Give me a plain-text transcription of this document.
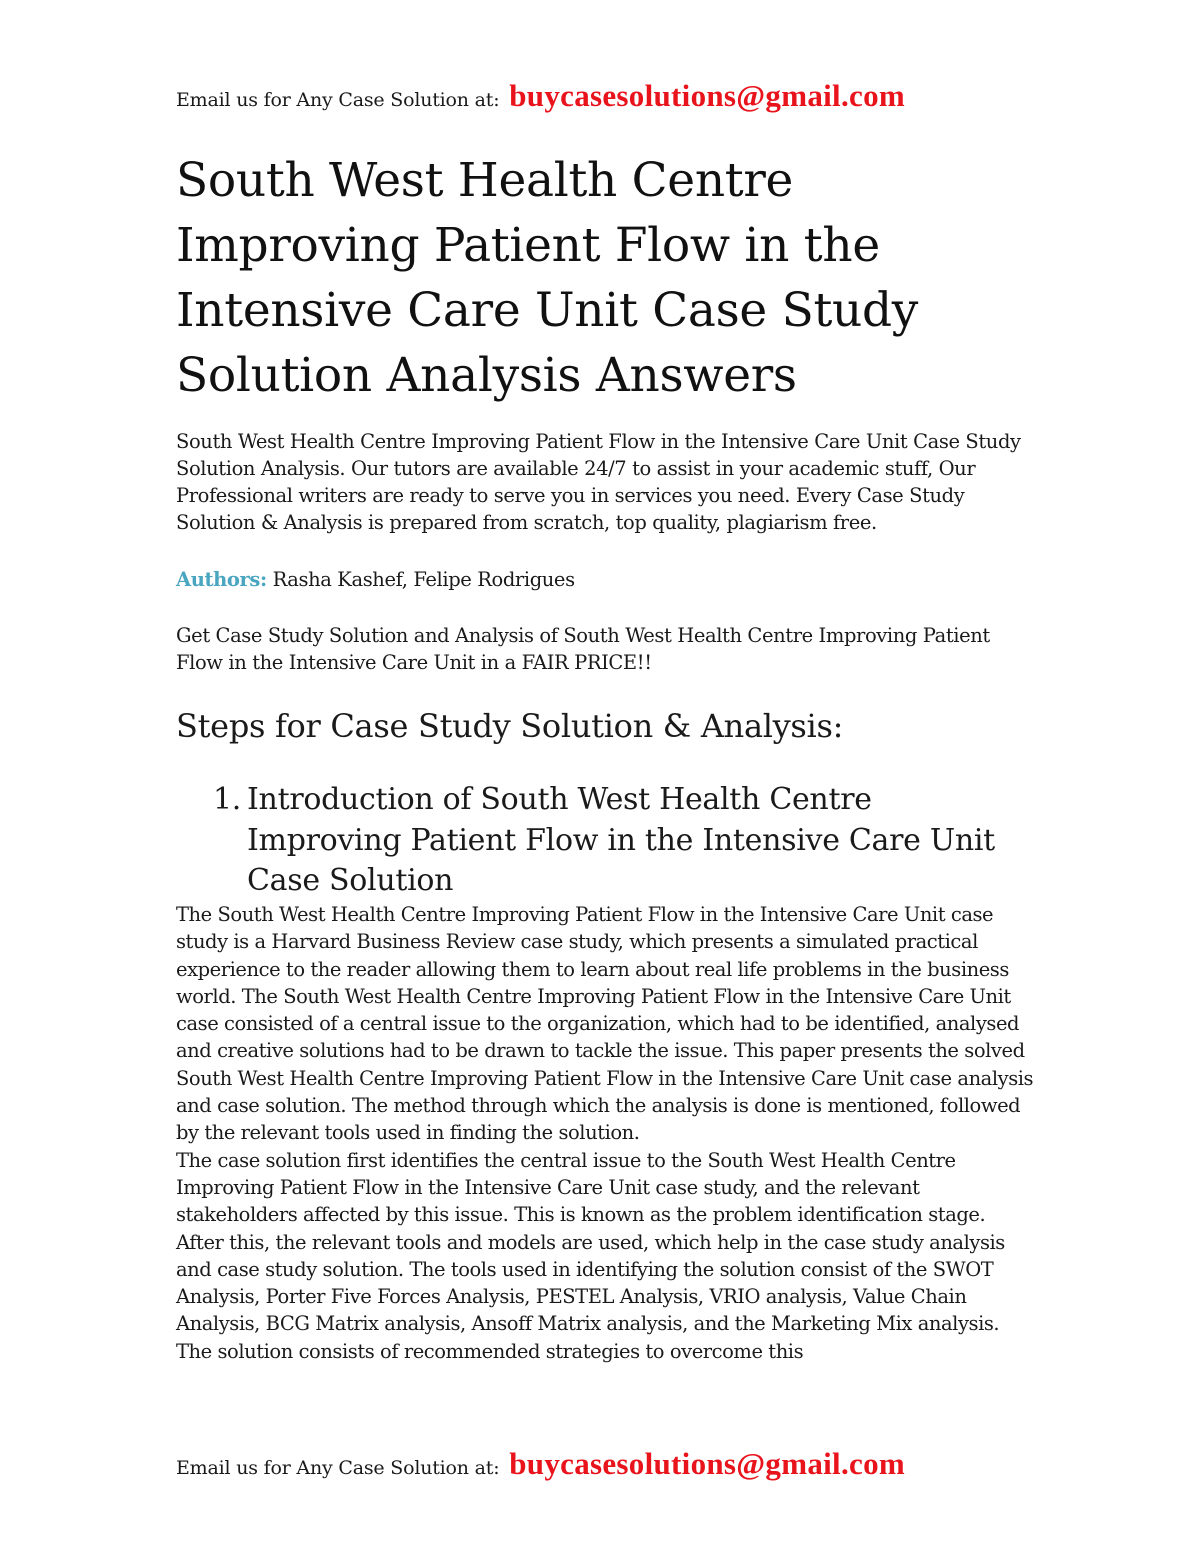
Email us for Any Case Solution at: buycasesolutions@gmail.com
South West Health Centre Improving Patient Flow in the Intensive Care Unit Case Study Solution Analysis Answers

South West Health Centre Improving Patient Flow in the Intensive Care Unit Case Study Solution Analysis. Our tutors are available 24/7 to assist in your academic stuff, Our Professional writers are ready to serve you in services you need. Every Case Study Solution & Analysis is prepared from scratch, top quality, plagiarism free.

Authors: Rasha Kashef, Felipe Rodrigues

Get Case Study Solution and Analysis of South West Health Centre Improving Patient Flow in the Intensive Care Unit in a FAIR PRICE!!

Steps for Case Study Solution & Analysis:
1. Introduction of South West Health Centre Improving Patient Flow in the Intensive Care Unit Case Solution

The South West Health Centre Improving Patient Flow in the Intensive Care Unit case study is a Harvard Business Review case study, which presents a simulated practical experience to the reader allowing them to learn about real life problems in the business world. The South West Health Centre Improving Patient Flow in the Intensive Care Unit case consisted of a central issue to the organization, which had to be identified, analysed and creative solutions had to be drawn to tackle the issue. This paper presents the solved South West Health Centre Improving Patient Flow in the Intensive Care Unit case analysis and case solution. The method through which the analysis is done is mentioned, followed by the relevant tools used in finding the solution.

The case solution first identifies the central issue to the South West Health Centre Improving Patient Flow in the Intensive Care Unit case study, and the relevant stakeholders affected by this issue. This is known as the problem identification stage. After this, the relevant tools and models are used, which help in the case study analysis and case study solution. The tools used in identifying the solution consist of the SWOT Analysis, Porter Five Forces Analysis, PESTEL Analysis, VRIO analysis, Value Chain Analysis, BCG Matrix analysis, Ansoff Matrix analysis, and the Marketing Mix analysis. The solution consists of recommended strategies to overcome this

Email us for Any Case Solution at: buycasesolutions@gmail.com
